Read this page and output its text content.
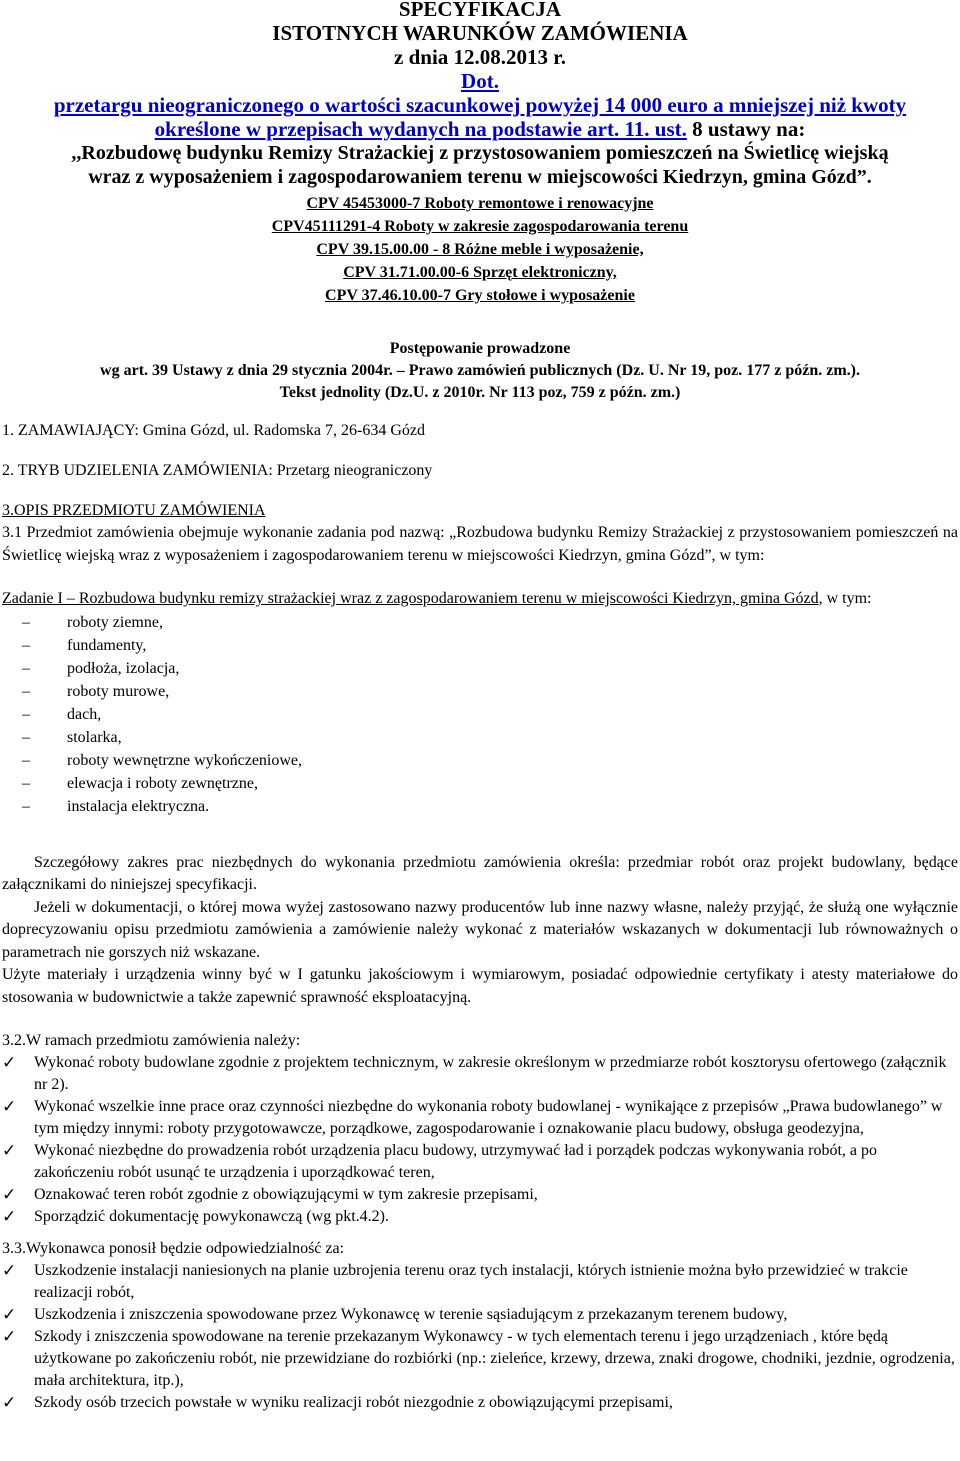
SPECYFIKACJA
ISTOTNYCH WARUNKÓW ZAMÓWIENIA
z dnia 12.08.2013 r.
Dot.
przetargu nieograniczonego o wartości szacunkowej powyżej 14 000 euro a mniejszej niż kwoty
określone w przepisach wydanych na podstawie art. 11. ust. 8 ustawy na:
,,Rozbudowę budynku Remizy Strażackiej z przystosowaniem pomieszczeń na Świetlicę wiejską
wraz z wyposażeniem i zagospodarowaniem terenu w miejscowości Kiedrzyn, gmina Gózd”.
CPV 45453000-7 Roboty remontowe i renowacyjne
CPV45111291-4 Roboty w zakresie zagospodarowania terenu
CPV 39.15.00.00 - 8 Różne meble i wyposażenie,
CPV 31.71.00.00-6 Sprzęt elektroniczny,
CPV 37.46.10.00-7 Gry stołowe i wyposażenie
Postępowanie prowadzone
wg art. 39 Ustawy z dnia 29 stycznia 2004r. – Prawo zamówień publicznych (Dz. U. Nr 19, poz. 177 z późn. zm.).
Tekst jednolity (Dz.U. z 2010r. Nr 113 poz, 759 z późn. zm.)
1. ZAMAWIAJĄCY: Gmina Gózd, ul. Radomska 7, 26-634 Gózd
2. TRYB UDZIELENIA ZAMÓWIENIA: Przetarg nieograniczony
3.OPIS PRZEDMIOTU ZAMÓWIENIA
3.1 Przedmiot zamówienia obejmuje wykonanie zadania pod nazwą: „Rozbudowa budynku Remizy Strażackiej z przystosowaniem pomieszczeń na Świetlicę wiejską wraz z wyposażeniem i zagospodarowaniem terenu w miejscowości Kiedrzyn, gmina Gózd”, w tym:
Zadanie I – Rozbudowa budynku remizy strażackiej wraz z zagospodarowaniem terenu w miejscowości Kiedrzyn, gmina Gózd, w tym:
– roboty ziemne,
– fundamenty,
– podłoża, izolacja,
– roboty murowe,
– dach,
– stolarka,
– roboty wewnętrzne wykończeniowe,
– elewacja i roboty zewnętrzne,
– instalacja elektryczna.
Szczegółowy zakres prac niezbędnych do wykonania przedmiotu zamówienia określa: przedmiar robót oraz projekt budowlany, będące załącznikami do niniejszej specyfikacji.
Jeżeli w dokumentacji, o której mowa wyżej zastosowano nazwy producentów lub inne nazwy własne, należy przyjąć, że służą one wyłącznie doprecyzowaniu opisu przedmiotu zamówienia a zamówienie należy wykonać z materiałów wskazanych w dokumentacji lub równoważnych o parametrach nie gorszych niż wskazane.
Użyte materiały i urządzenia winny być w I gatunku jakościowym i wymiarowym, posiadać odpowiednie certyfikaty i atesty materiałowe do stosowania w budownictwie a także zapewnić sprawność eksploatacyjną.
3.2.W ramach przedmiotu zamówienia należy:
✓ Wykonać roboty budowlane zgodnie z projektem technicznym, w zakresie określonym w przedmiarze robót kosztorysu ofertowego (załącznik nr 2).
✓ Wykonać wszelkie inne prace oraz czynności niezbędne do wykonania roboty budowlanej - wynikające z przepisów „Prawa budowlanego” w tym między innymi: roboty przygotowawcze, porządkowe, zagospodarowanie i oznakowanie placu budowy, obsługa geodezyjna,
✓ Wykonać niezbędne do prowadzenia robót urządzenia placu budowy, utrzymywać ład i porządek podczas wykonywania robót, a po zakończeniu robót usunąć te urządzenia i uporządkować teren,
✓ Oznakować teren robót zgodnie z obowiązującymi w tym zakresie przepisami,
✓ Sporządzić dokumentację powykonawczą (wg pkt.4.2).
3.3.Wykonawca ponosił będzie odpowiedzialność za:
✓ Uszkodzenie instalacji naniesionych na planie uzbrojenia terenu oraz tych instalacji, których istnienie można było przewidzieć w trakcie realizacji robót,
✓ Uszkodzenia i zniszczenia spowodowane przez Wykonawcę w terenie sąsiadującym z przekazanym terenem budowy,
✓ Szkody i zniszczenia spowodowane na terenie przekazanym Wykonawcy - w tych elementach terenu i jego urządzeniach , które będą użytkowane po zakończeniu robót, nie przewidziane do rozbiórki (np.: zieleńce, krzewy, drzewa, znaki drogowe, chodniki, jezdnie, ogrodzenia, mała architektura, itp.),
✓ Szkody osób trzecich powstałe w wyniku realizacji robót niezgodnie z obowiązującymi przepisami,
